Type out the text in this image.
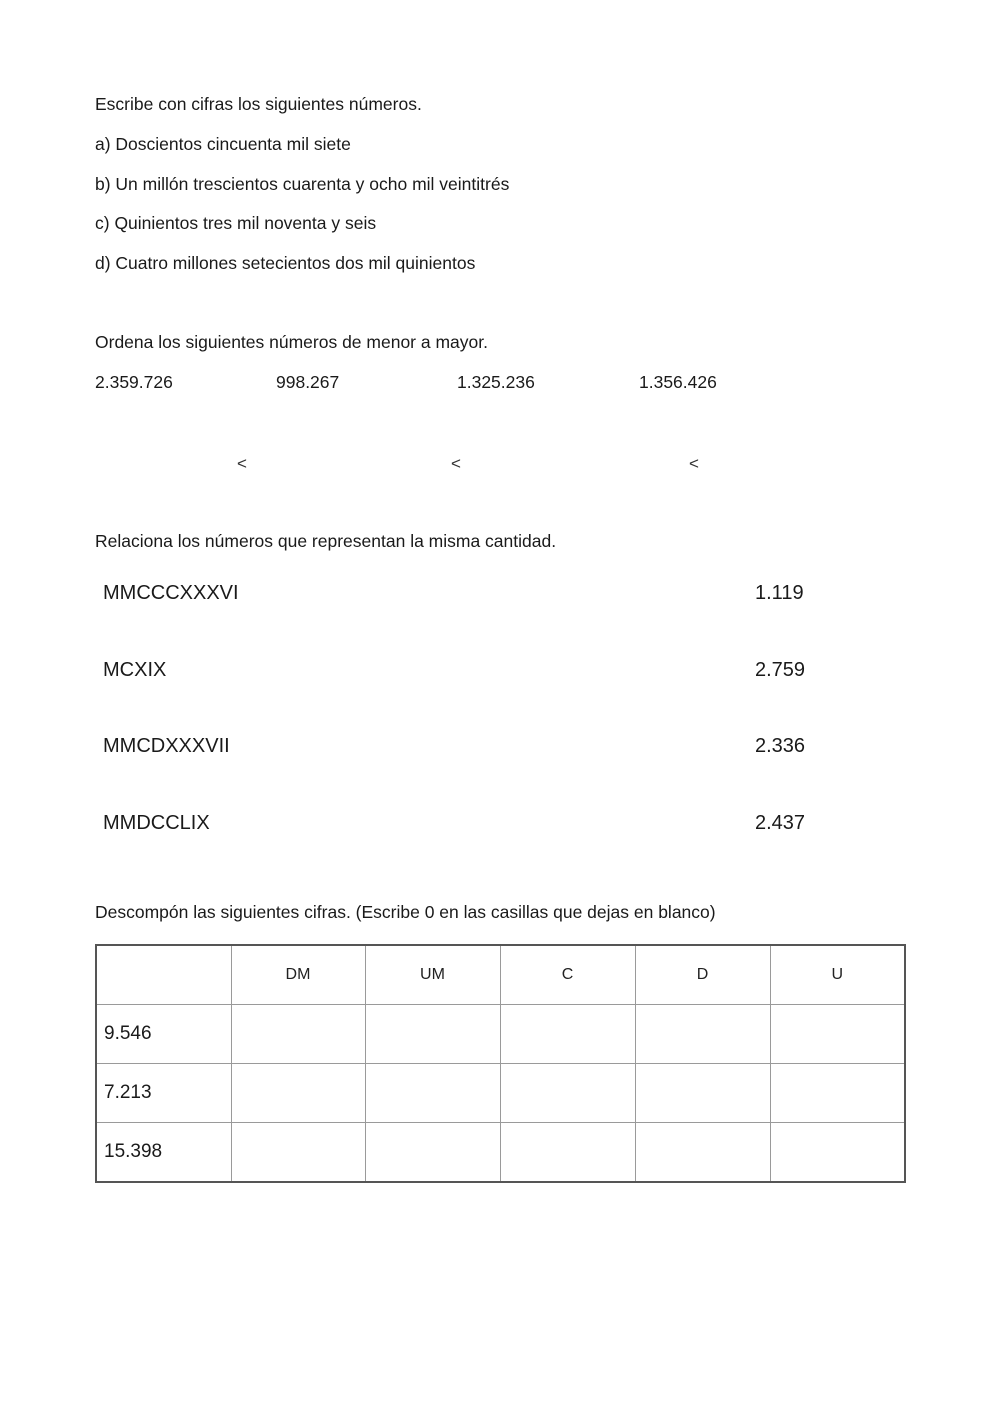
Escribe con cifras los siguientes números.
a) Doscientos cincuenta mil siete
b) Un millón trescientos cuarenta y ocho mil veintitrés
c) Quinientos tres mil noventa y seis
d) Cuatro millones setecientos dos mil quinientos
Ordena los siguientes números de menor a mayor.
2.359.726	998.267	1.325.236	1.356.426
<	<	<
Relaciona los números que representan la misma cantidad.
MMCCCXXXVI	1.119
MCXIX	2.759
MMCDXXXVII	2.336
MMDCCLIX	2.437
Descompón las siguientes cifras. (Escribe 0 en las casillas que dejas en blanco)
	DM	UM	C	D	U
9.546					
7.213					
15.398					
